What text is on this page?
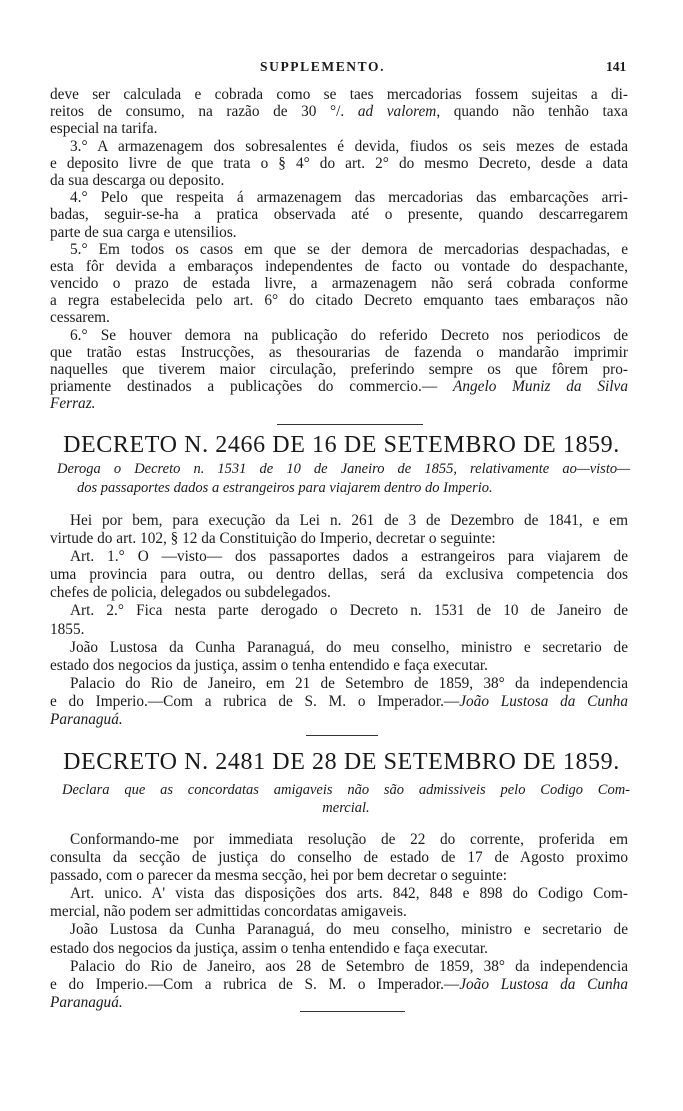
SUPPLEMENTO.	141
deve ser calculada e cobrada como se taes mercadorias fossem sujeitas a di-
reitos de consumo, na razão de 30 °/. ad valorem, quando não tenhão taxa
especial na tarifa.
3.° A armazenagem dos sobresalentes é devida, fiudos os seis mezes de estada
e deposito livre de que trata o § 4° do art. 2° do mesmo Decreto, desde a data
da sua descarga ou deposito.
4.° Pelo que respeita á armazenagem das mercadorias das embarcações arri-
badas, seguir-se-ha a pratica observada até o presente, quando descarregarem
parte de sua carga e utensilios.
5.° Em todos os casos em que se der demora de mercadorias despachadas, e
esta fôr devida a embaraços independentes de facto ou vontade do despachante,
vencido o prazo de estada livre, a armazenagem não será cobrada conforme
a regra estabelecida pelo art. 6° do citado Decreto emquanto taes embaraços não
cessarem.
6.° Se houver demora na publicação do referido Decreto nos periodicos de
que tratão estas Instrucções, as thesourarias de fazenda o mandarão imprimir
naquelles que tiverem maior circulação, preferindo sempre os que fôrem pro-
priamente destinados a publicações do commercio.— Angelo Muniz da Silva
Ferraz.
DECRETO N. 2466 DE 16 DE SETEMBRO DE 1859.
Deroga o Decreto n. 1531 de 10 de Janeiro de 1855, relativamente ao—visto—
dos passaportes dados a estrangeiros para viajarem dentro do Imperio.
Hei por bem, para execução da Lei n. 261 de 3 de Dezembro de 1841, e em
virtude do art. 102, § 12 da Constituição do Imperio, decretar o seguinte:
Art. 1.° O —visto— dos passaportes dados a estrangeiros para viajarem de
uma provincia para outra, ou dentro dellas, será da exclusiva competencia dos
chefes de policia, delegados ou subdelegados.
Art. 2.° Fica nesta parte derogado o Decreto n. 1531 de 10 de Janeiro de
1855.
João Lustosa da Cunha Paranaguá, do meu conselho, ministro e secretario de
estado dos negocios da justiça, assim o tenha entendido e faça executar.
Palacio do Rio de Janeiro, em 21 de Setembro de 1859, 38° da independencia
e do Imperio.—Com a rubrica de S. M. o Imperador.—João Lustosa da Cunha
Paranaguá.
DECRETO N. 2481 DE 28 DE SETEMBRO DE 1859.
Declara que as concordatas amigaveis não são admissiveis pelo Codigo Com-
mercial.
Conformando-me por immediata resolução de 22 do corrente, proferida em
consulta da secção de justiça do conselho de estado de 17 de Agosto proximo
passado, com o parecer da mesma secção, hei por bem decretar o seguinte:
Art. unico. A' vista das disposições dos arts. 842, 848 e 898 do Codigo Com-
mercial, não podem ser admittidas concordatas amigaveis.
João Lustosa da Cunha Paranaguá, do meu conselho, ministro e secretario de
estado dos negocios da justiça, assim o tenha entendido e faça executar.
Palacio do Rio de Janeiro, aos 28 de Setembro de 1859, 38° da independencia
e do Imperio.—Com a rubrica de S. M. o Imperador.—João Lustosa da Cunha
Paranaguá.
